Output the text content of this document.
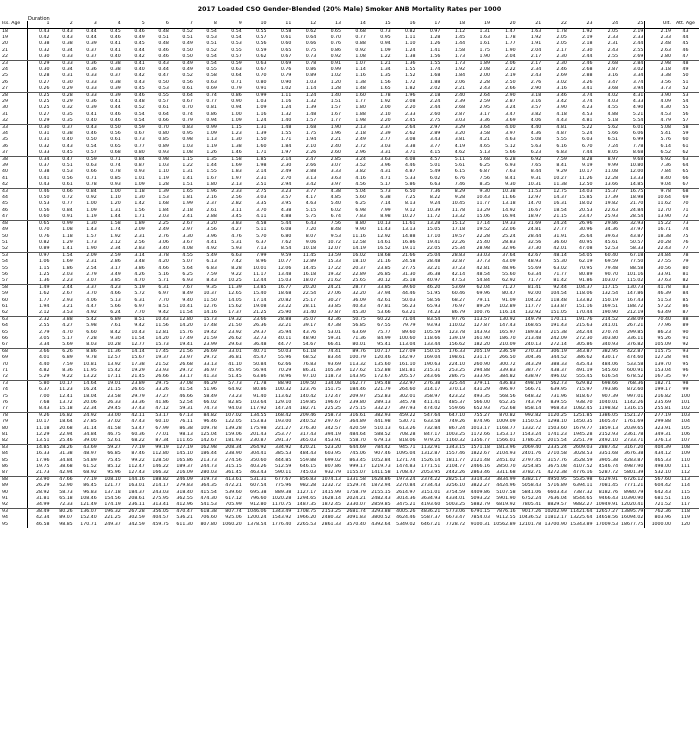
2017 Loaded CSO Gender-Blended (20% Male) Smoker ANB Mortality Rates per 1000
Duration
Iss. Age	1	2	3	4	5	6	7	8	9	10	11	12	13	14	15	16	17	18	19	20	21	22	23	24	25	Ult.	Att. Age
18	0.43	0.43	0.44	0.45	0.46	0.48	0.52	0.54	0.54	0.55	0.58	0.62	0.65	0.68	0.73	0.82	0.97	1.12	1.31	1.47	1.63	1.78	1.92	2.05	2.19	2.19	43
19	0.42	0.43	0.44	0.46	0.49	0.51	0.51	0.53	0.54	0.57	0.61	0.64	0.70	0.77	0.95	1.11	1.28	1.45	1.63	1.78	1.92	2.05	2.19	2.33	2.33	2.33	44
20	0.38	0.38	0.39	0.41	0.45	0.48	0.49	0.51	0.53	0.56	0.60	0.66	0.76	0.88	0.94	1.10	1.26	1.44	1.61	1.77	1.91	2.05	2.18	2.31	2.44	2.48	45
21	0.32	0.34	0.37	0.41	0.44	0.46	0.50	0.52	0.55	0.59	0.65	0.75	0.86	0.92	1.09	1.24	1.41	1.58	1.75	1.90	2.04	2.17	2.30	2.43	2.55	2.63	46
22	0.30	0.33	0.37	0.40	0.42	0.46	0.50	0.54	0.57	0.62	0.67	0.73	0.92	1.08	1.22	1.38	1.56	1.73	1.90	2.04	2.17	2.30	2.44	2.55	2.69	2.80	47
23	0.29	0.33	0.36	0.38	0.41	0.43	0.49	0.54	0.59	0.63	0.69	0.78	0.91	1.07	1.21	1.36	1.55	1.73	1.89	2.06	2.17	2.30	2.46	2.68	2.84	2.98	48
24	0.30	0.34	0.36	0.38	0.40	0.44	0.49	0.55	0.63	0.67	0.76	0.86	0.99	1.14	1.34	1.55	1.74	1.92	2.08	2.22	2.34	2.46	2.68	2.87	3.02	3.18	49
25	0.28	0.31	0.33	0.37	0.42	0.47	0.52	0.58	0.64	0.70	0.79	0.89	1.02	1.16	1.35	1.52	1.68	1.84	2.00	2.19	2.43	2.69	2.88	3.16	3.34	3.38	50
26	0.27	0.30	0.33	0.38	0.43	0.50	0.56	0.63	0.71	0.80	0.90	1.03	1.20	1.38	1.56	1.72	1.88	2.06	2.28	2.50	2.76	3.02	3.26	3.47	3.74	3.56	51
27	0.26	0.29	0.33	0.39	0.45	0.53	0.61	0.69	0.79	0.91	1.02	1.14	1.28	1.48	1.65	1.82	2.02	2.21	2.43	2.66	2.90	3.16	3.41	3.68	3.94	3.73	52
28	0.25	0.28	0.33	0.39	0.46	0.55	0.64	0.74	0.86	0.99	1.11	1.24	1.40	1.60	1.78	1.96	2.18	2.40	2.64	2.90	3.18	3.46	3.74	4.02	4.31	3.90	53
29	0.25	0.29	0.36	0.41	0.48	0.57	0.67	0.77	0.90	1.03	1.16	1.32	1.51	1.77	1.92	2.08	2.24	2.39	2.59	2.87	3.16	3.42	3.74	4.03	4.33	4.09	54
30	0.25	0.32	0.39	0.44	0.52	0.61	0.70	0.81	0.94	1.09	1.24	1.39	1.57	1.80	2.00	2.20	2.44	2.68	2.95	3.24	3.57	3.90	4.23	4.55	4.90	4.30	55
31	0.27	0.35	0.41	0.46	0.54	0.64	0.74	0.86	1.00	1.16	1.32	1.48	1.67	1.88	2.10	2.33	2.60	2.87	3.17	3.47	3.82	4.18	4.53	4.88	5.21	4.53	56
32	0.29	0.35	0.40	0.46	0.54	0.66	0.79	0.94	1.09	1.24	1.40	1.57	1.77	1.98	2.20	2.45	2.75	3.03	3.36	3.69	4.06	4.43	4.81	5.18	5.54	4.79	57
33	0.30	0.37	0.43	0.50	0.59	0.70	0.83	0.99	1.15	1.31	1.48	1.68	1.90	2.13	2.37	2.64	2.97	3.29	3.64	4.00	4.40	4.81	5.22	5.62	6.01	5.08	58
34	0.31	0.38	0.46	0.56	0.67	0.80	0.95	1.09	1.23	1.39	1.55	1.75	1.96	2.18	2.39	2.62	2.89	3.20	3.58	3.97	4.36	4.87	5.24	5.66	6.06	5.41	59
35	0.31	0.40	0.50	0.61	0.73	0.85	0.98	1.13	1.30	1.50	1.71	1.94	2.21	2.49	2.77	3.08	3.43	3.81	4.21	4.63	5.08	5.55	6.03	6.51	6.99	5.76	60
36	0.32	0.43	0.54	0.65	0.77	0.89	1.03	1.19	1.38	1.60	1.84	2.10	2.40	2.72	3.03	3.38	3.77	4.19	4.65	5.12	5.63	6.16	6.70	7.24	7.78	6.14	61
37	0.33	0.45	0.57	0.68	0.80	0.93	1.08	1.26	1.46	1.71	1.97	2.26	2.60	2.96	3.31	3.71	4.15	4.62	5.13	5.66	6.23	6.83	7.44	8.05	8.68	6.52	62
38	0.34	0.47	0.59	0.71	0.84	0.98	1.15	1.35	1.58	1.85	2.14	2.47	2.85	3.24	3.63	4.08	4.57	5.11	5.68	6.28	6.92	7.59	8.28	8.97	9.68	6.92	63
39	0.37	0.51	0.63	0.74	0.87	1.03	1.22	1.44	1.69	1.98	2.30	2.66	3.07	3.52	3.96	4.46	5.01	5.61	6.25	6.93	7.65	8.41	9.19	9.99	10.80	7.36	64
40	0.38	0.53	0.66	0.78	0.93	1.10	1.31	1.55	1.83	2.14	2.49	2.88	3.33	3.82	4.31	4.87	5.49	6.15	6.87	7.63	8.44	9.29	10.17	11.08	12.00	7.84	65
41	0.41	0.56	0.71	0.85	1.01	1.19	1.41	1.67	1.97	2.31	2.70	3.13	3.63	4.16	4.71	5.33	6.02	6.76	7.56	8.41	9.31	10.27	11.26	12.28	13.33	8.40	66
42	0.43	0.61	0.78	0.93	1.09	1.28	1.51	1.80	2.13	2.51	2.94	3.42	3.97	4.56	5.17	5.86	6.63	7.46	8.35	9.30	10.31	11.38	12.50	13.66	14.85	9.04	67
43	0.46	0.66	0.84	1.00	1.18	1.39	1.65	1.96	2.33	2.75	3.23	3.77	4.38	5.04	5.73	6.50	7.36	8.29	9.30	10.38	11.53	12.75	14.03	15.37	16.75	9.78	68
44	0.50	0.72	0.92	1.10	1.30	1.53	1.81	2.16	2.56	3.03	3.57	4.17	4.85	5.60	6.38	7.25	8.22	9.28	10.43	11.66	12.97	14.37	15.85	17.39	18.98	10.64	69
45	0.53	0.77	1.00	1.20	1.42	1.68	1.99	2.37	2.82	3.35	3.95	4.63	5.40	6.25	7.14	8.13	9.24	10.45	11.77	13.18	14.70	16.31	18.02	19.82	21.70	11.62	70
46	0.56	0.84	1.09	1.31	1.56	1.84	2.18	2.61	3.11	3.70	4.38	5.15	6.02	6.98	7.99	9.12	10.39	11.78	13.29	14.92	16.67	18.54	20.53	22.63	24.84	12.70	71
47	0.60	0.91	1.19	1.44	1.71	2.03	2.41	2.88	3.45	4.11	4.88	5.75	6.74	7.83	8.98	10.27	11.72	13.32	15.06	16.94	18.97	21.15	23.47	25.93	28.54	13.90	72
48	0.65	0.99	1.30	1.58	1.89	2.25	2.67	3.20	3.83	4.58	5.44	6.43	7.56	8.80	10.13	11.61	13.28	15.12	17.14	19.33	21.69	24.24	26.96	29.86	32.93	15.22	73
49	0.70	1.08	1.43	1.74	2.09	2.49	2.97	3.56	4.27	5.11	6.08	7.20	8.48	9.90	11.43	13.13	15.05	17.18	19.52	22.06	24.81	27.77	30.96	34.36	37.97	16.71	74
50	0.76	1.18	1.57	1.92	2.31	2.76	3.30	3.96	4.76	5.70	6.80	8.07	9.53	11.16	12.92	14.88	17.10	19.57	22.28	25.24	28.44	31.91	35.64	39.63	43.87	18.38	75
51	0.82	1.29	1.73	2.12	2.56	3.06	3.67	4.41	5.31	6.37	7.62	9.06	10.72	12.58	14.61	16.86	19.41	22.26	25.40	28.83	32.56	36.60	40.95	45.61	50.57	20.28	76
52	0.89	1.41	1.90	2.34	2.83	3.40	4.08	4.92	5.93	7.13	8.54	10.18	12.07	14.19	16.52	19.11	22.05	25.34	28.98	32.96	37.30	42.01	47.08	52.53	58.33	22.43	77
53	0.97	1.54	2.09	2.59	3.14	3.78	4.55	5.49	6.63	7.99	9.59	11.45	13.59	16.02	18.68	21.66	25.04	28.83	33.03	37.64	42.67	48.14	54.05	60.40	67.18	24.84	78
54	1.06	1.69	2.31	2.86	3.48	4.20	5.07	6.13	7.42	8.96	10.77	12.89	15.33	18.10	21.16	24.58	28.48	32.87	37.73	43.09	48.93	55.30	62.19	69.59	77.50	27.55	79
55	1.15	1.86	2.54	3.17	3.86	4.66	5.64	6.83	8.28	10.01	12.06	14.45	17.22	20.37	23.85	27.75	32.21	37.23	42.81	48.96	55.69	63.02	70.95	79.48	88.58	30.56	80
56	1.25	2.03	2.79	3.49	4.26	5.16	6.25	7.59	9.22	11.17	13.48	16.18	19.32	22.89	26.85	31.30	36.38	42.14	48.54	55.60	63.34	71.77	80.89	90.70	101.16	33.91	81
57	1.36	2.23	3.07	3.85	4.70	5.71	6.93	8.43	10.25	12.44	15.03	18.07	21.62	25.65	30.12	35.18	40.97	47.53	54.84	62.92	71.77	81.42	91.86	103.07	115.02	37.63	82
58	1.49	2.44	3.37	4.23	5.19	6.31	7.67	9.35	11.39	13.85	16.77	20.20	24.21	28.77	33.85	39.60	46.20	53.69	62.04	71.27	81.41	92.44	104.37	117.15	130.73	41.78	83
59	1.62	2.67	3.70	4.66	5.72	6.97	8.49	10.37	12.65	15.40	18.68	22.54	27.06	32.20	37.94	44.46	51.95	60.46	69.96	80.47	92.00	104.54	118.06	132.54	147.86	46.39	84
60	1.77	2.93	4.06	5.13	6.31	7.70	9.40	11.50	14.05	17.14	20.82	25.17	30.27	36.09	42.61	50.03	58.56	68.27	79.11	91.09	104.22	118.48	133.82	150.19	167.43	51.53	85
61	1.94	3.21	4.47	5.66	6.97	8.51	10.41	12.76	15.62	19.08	23.22	28.11	33.85	40.43	47.81	56.23	65.93	76.97	89.29	102.89	117.77	133.87	151.16	169.51	188.72	57.22	86
62	2.12	3.53	4.92	6.24	7.70	9.42	11.54	14.16	17.37	21.25	25.90	31.40	37.87	45.30	53.66	63.21	74.23	86.79	100.76	116.14	132.92	151.05	170.44	190.90	212.19	63.49	87
63	2.32	3.88	5.42	6.89	8.51	10.43	12.80	15.73	19.32	23.66	28.88	35.07	42.36	50.75	60.22	71.04	83.54	97.76	113.57	130.92	149.79	170.11	191.76	214.52	238.09	70.40	88
64	2.55	4.27	5.98	7.61	9.42	11.56	14.20	17.48	21.50	26.36	32.21	39.17	47.38	56.85	67.55	79.79	93.93	110.02	127.87	147.43	168.65	191.43	215.63	241.01	267.21	77.96	89
65	2.79	4.70	6.60	8.42	10.43	12.81	15.76	19.42	23.92	29.37	35.94	43.76	53.01	63.69	75.77	89.60	105.59	123.78	143.93	165.97	189.83	215.38	242.44	270.74	299.85	86.23	90
66	3.05	5.17	7.28	9.30	11.54	14.20	17.49	21.59	26.62	32.73	40.11	48.90	59.31	71.36	84.99	100.60	118.66	139.19	161.90	186.70	213.48	242.09	272.30	303.80	336.11	95.26	91
67	3.34	5.69	8.03	10.28	12.77	15.73	19.41	23.99	29.63	36.48	44.77	54.67	66.41	80.01	95.41	113.04	133.44	156.62	182.20	210.09	240.13	272.14	305.86	340.93	376.82	105.09	92
68	3.66	6.26	8.86	11.36	14.14	17.45	21.56	26.69	33.01	40.71	50.03	61.18	74.41	89.76	107.17	127.09	150.15	176.33	205.19	236.59	270.33	306.19	343.87	382.95	422.87	115.75	93
69	4.01	6.89	9.78	12.57	15.67	19.37	23.97	29.72	36.81	45.47	55.96	68.52	83.44	100.79	120.46	142.97	169.04	198.61	231.17	266.50	304.36	344.52	386.62	430.17	474.60	127.28	94
70	4.40	7.59	10.81	13.92	17.38	21.52	26.68	33.13	41.10	50.84	62.66	76.83	93.69	113.32	135.60	161.10	190.63	224.10	260.90	300.72	343.29	388.33	435.43	484.06	533.58	139.70	95
71	4.82	8.36	11.95	15.42	19.29	23.93	29.72	36.97	45.95	56.94	70.29	86.31	105.39	127.62	152.88	181.81	215.31	253.25	294.88	339.83	387.77	438.37	491.19	545.60	600.91	153.04	96
72	5.29	9.22	13.22	17.11	21.45	26.66	33.17	41.33	51.45	63.86	78.96	97.10	118.73	143.95	172.67	205.57	243.66	286.75	333.95	384.82	438.97	496.02	555.45	616.54	678.52	167.35	97
73	5.80	10.17	14.64	19.01	23.89	29.75	37.08	46.29	57.73	71.78	88.90	109.50	134.08	162.77	195.48	232.97	276.38	325.44	379.11	436.83	498.19	562.73	629.82	698.66	768.36	182.71	98
74	6.37	11.23	16.24	21.15	26.65	33.26	41.54	51.96	64.92	80.86	100.32	123.76	151.75	184.46	221.79	264.60	314.17	370.13	431.29	496.97	566.71	639.95	715.97	793.86	872.60	199.17	99
75	7.00	12.41	18.04	23.58	29.79	37.27	46.66	58.49	73.23	91.40	113.62	140.42	172.47	209.97	252.83	302.01	358.97	423.22	493.35	568.56	648.32	731.96	818.67	907.39	997.01	216.82	100
76	7.68	13.72	20.06	26.33	33.36	41.86	52.54	66.02	82.85	103.64	129.10	159.85	196.67	239.80	289.13	345.78	411.41	485.37	566.00	652.35	743.79	839.55	938.70	1040.01	1142.26	235.69	101
77	8.43	15.18	22.34	29.45	37.43	47.12	59.31	74.73	94.03	117.92	147.24	182.71	225.25	275.15	332.27	397.93	474.02	559.66	652.93	752.68	858.14	968.43	1082.45	1198.82	1316.15	255.81	102
78	9.26	16.82	24.92	33.00	42.11	53.17	67.13	84.82	107.02	134.55	168.42	209.46	258.73	316.61	382.93	459.22	547.64	647.10	755.27	870.82	992.82	1120.25	1251.85	1386.05	1521.27	277.19	103
79	10.17	18.64	27.85	37.02	47.43	60.10	76.11	96.46	122.05	153.83	193.00	240.52	297.67	364.89	441.98	530.71	633.58	749.26	874.96	1009.09	1150.53	1298.10	1450.35	1605.47	1761.69	299.88	104
80	11.18	20.68	31.14	41.58	53.47	67.99	86.38	109.78	139.28	175.98	221.27	276.30	342.57	420.59	510.13	613.26	732.84	867.24	1013.17	1168.77	1332.72	1503.60	1679.77	1859.13	2039.65	323.91	105
81	12.29	22.94	34.84	46.75	60.36	77.01	98.13	125.04	159.06	201.43	253.77	317.43	394.19	484.64	588.52	708.28	847.17	1003.25	1172.66	1353.17	1543.24	1741.23	1945.28	2152.93	2361.78	349.31	106
82	13.51	25.46	39.00	52.61	68.22	87.34	111.65	142.67	181.93	230.87	291.37	365.03	453.91	558.70	679.13	818.06	979.25	1160.32	1356.77	1566.01	1786.25	2015.54	2251.79	2492.10	2733.71	376.13	107
83	14.85	28.26	43.69	59.27	77.19	99.19	127.19	162.98	208.34	264.92	334.92	420.21	523.20	644.69	784.42	945.71	1132.91	1343.15	1571.18	1813.96	2069.40	2335.24	2609.03	2887.42	3167.20	404.39	108
84	16.33	31.38	48.97	66.85	87.46	112.80	145.10	186.44	238.90	304.41	385.53	484.43	603.95	745.06	907.46	1095.04	1312.87	1557.46	1822.67	2104.93	2401.76	2710.58	3028.53	3351.68	3676.38	434.12	109
85	17.96	34.84	54.89	75.45	99.22	128.50	165.86	213.73	274.56	350.60	444.85	559.88	699.02	863.45	1052.84	1271.74	1526.14	1811.77	2121.48	2451.02	2797.45	3157.76	3528.59	3905.38	4283.87	465.33	110
86	19.75	38.68	61.52	85.12	112.47	146.22	189.37	244.73	315.15	403.26	512.59	646.15	807.86	999.17	1219.73	1474.83	1771.51	2104.77	2466.16	2850.70	3254.85	3675.08	4107.52	4546.74	4987.90	498.00	111
87	21.73	42.94	68.92	95.96	127.43	166.32	216.09	280.03	361.45	463.43	590.11	745.03	932.79	1155.07	1411.58	1708.47	2053.95	2442.26	2863.46	3311.68	3782.71	4272.38	4776.16	5287.72	5801.39	532.10	112
88	23.90	47.66	77.19	108.10	144.16	188.82	246.09	319.73	413.61	531.31	677.67	856.83	1074.13	1331.58	1628.86	1973.24	2374.22	2825.13	3314.33	3834.99	4382.17	4950.95	5535.98	6129.91	6726.12	567.60	113
89	26.29	52.90	86.45	121.77	163.01	214.17	279.83	364.35	472.21	607.54	775.96	982.28	1232.72	1529.74	1872.94	2270.84	2734.43	3256.10	3822.27	4424.96	5058.43	5716.89	6394.11	7081.45	7771.21	604.42	114
90	28.92	58.73	96.83	137.18	184.37	243.03	318.40	415.54	539.60	695.38	889.38	1127.17	1415.99	1758.79	2155.15	2614.97	3151.01	3754.59	4409.86	5107.58	5841.06	6603.43	7387.32	8182.76	8980.79	642.43	115
91	31.81	65.18	108.46	154.56	208.61	275.95	362.55	474.30	617.12	796.60	1020.28	1294.65	1628.14	2024.21	2482.43	3014.36	3634.93	4334.01	5093.22	5901.90	6752.24	7636.04	8544.65	9466.43	10390.90	681.51	116
92	34.99	72.33	121.49	174.19	236.11	313.41	412.96	541.53	705.99	912.80	1170.75	1487.35	1872.45	2330.07	2859.85	3475.21	4193.60	5003.25	5882.79	6819.92	7805.41	8829.57	9882.27	10949.91	12020.41	721.52	117
93	38.49	80.26	136.07	196.32	267.28	356.05	470.47	618.38	807.74	1046.06	1343.49	1708.75	2153.25	2681.74	3293.88	4005.26	4836.21	5773.06	6791.15	7876.16	9017.26	10202.99	11421.64	12657.27	13895.79	762.36	118
94	42.34	89.07	152.40	221.25	302.59	404.57	536.21	706.60	925.06	1200.24	1543.92	1966.20	2480.32	3091.83	3800.52	4624.46	5587.37	6673.47	7854.03	9112.55	10436.52	11812.17	13225.64	14658.56	16094.02	803.96	119
95	46.58	98.85	170.71	249.37	342.59	459.75	611.30	807.80	1060.20	1378.54	1776.40	2265.53	2861.33	3570.40	4392.64	5349.02	6467.21	7728.72	9100.31	10562.89	12101.78	13700.90	15343.89	17009.53	18677.75	1000.00	120
